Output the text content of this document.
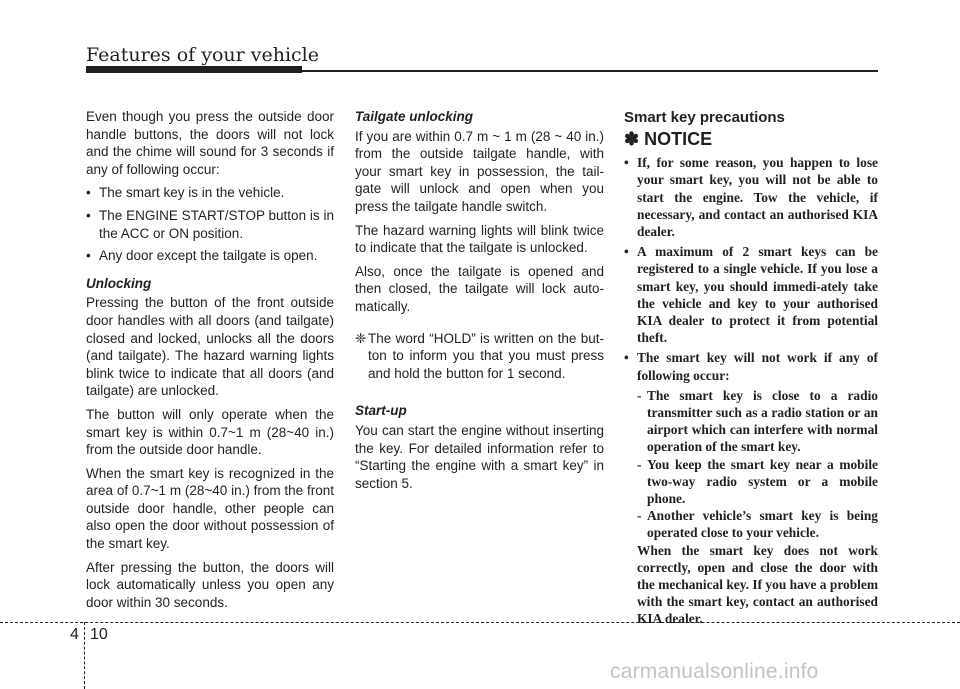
Features of your vehicle

Even though you press the outside door handle buttons, the doors will not lock and the chime will sound for 3 seconds if any of following occur:

• The smart key is in the vehicle.
• The ENGINE START/STOP button is in the ACC or ON position.
• Any door except the tailgate is open.
Unlocking

Pressing the button of the front outside door handles with all doors (and tailgate) closed and locked, unlocks all the doors (and tailgate). The hazard warning lights blink twice to indicate that all doors (and tailgate) are unlocked.

The button will only operate when the smart key is within 0.7~1 m (28~40 in.) from the outside door handle.

When the smart key is recognized in the area of 0.7~1 m (28~40 in.) from the front outside door handle, other people can also open the door without possession of the smart key.

After pressing the button, the doors will lock automatically unless you open any door within 30 seconds.

Tailgate unlocking

If you are within 0.7 m ~ 1 m (28 ~ 40 in.) from the outside tailgate handle, with your smart key in possession, the tail-gate will unlock and open when you press the tailgate handle switch.

The hazard warning lights will blink twice to indicate that the tailgate is unlocked.

Also, once the tailgate is opened and then closed, the tailgate will lock auto-matically.

❈ The word “HOLD” is written on the but-ton to inform you that you must press and hold the button for 1 second.
Start-up

You can start the engine without inserting the key. For detailed information refer to “Starting the engine with a smart key” in section 5.

Smart key precautions
✽ NOTICE
• If, for some reason, you happen to lose your smart key, you will not be able to start the engine. Tow the vehicle, if necessary, and contact an authorised KIA dealer.
• A maximum of 2 smart keys can be registered to a single vehicle. If you lose a smart key, you should immedi-ately take the vehicle and key to your authorised KIA dealer to protect it from potential theft.
• The smart key will not work if any of following occur:
- The smart key is close to a radio transmitter such as a radio station or an airport which can interfere with normal operation of the smart key.
- You keep the smart key near a mobile two-way radio system or a mobile phone.
- Another vehicle’s smart key is being operated close to your vehicle.
When the smart key does not work correctly, open and close the door with the mechanical key. If you have a problem with the smart key, contact an authorised KIA dealer.
4 10
carmanualsonline.info
